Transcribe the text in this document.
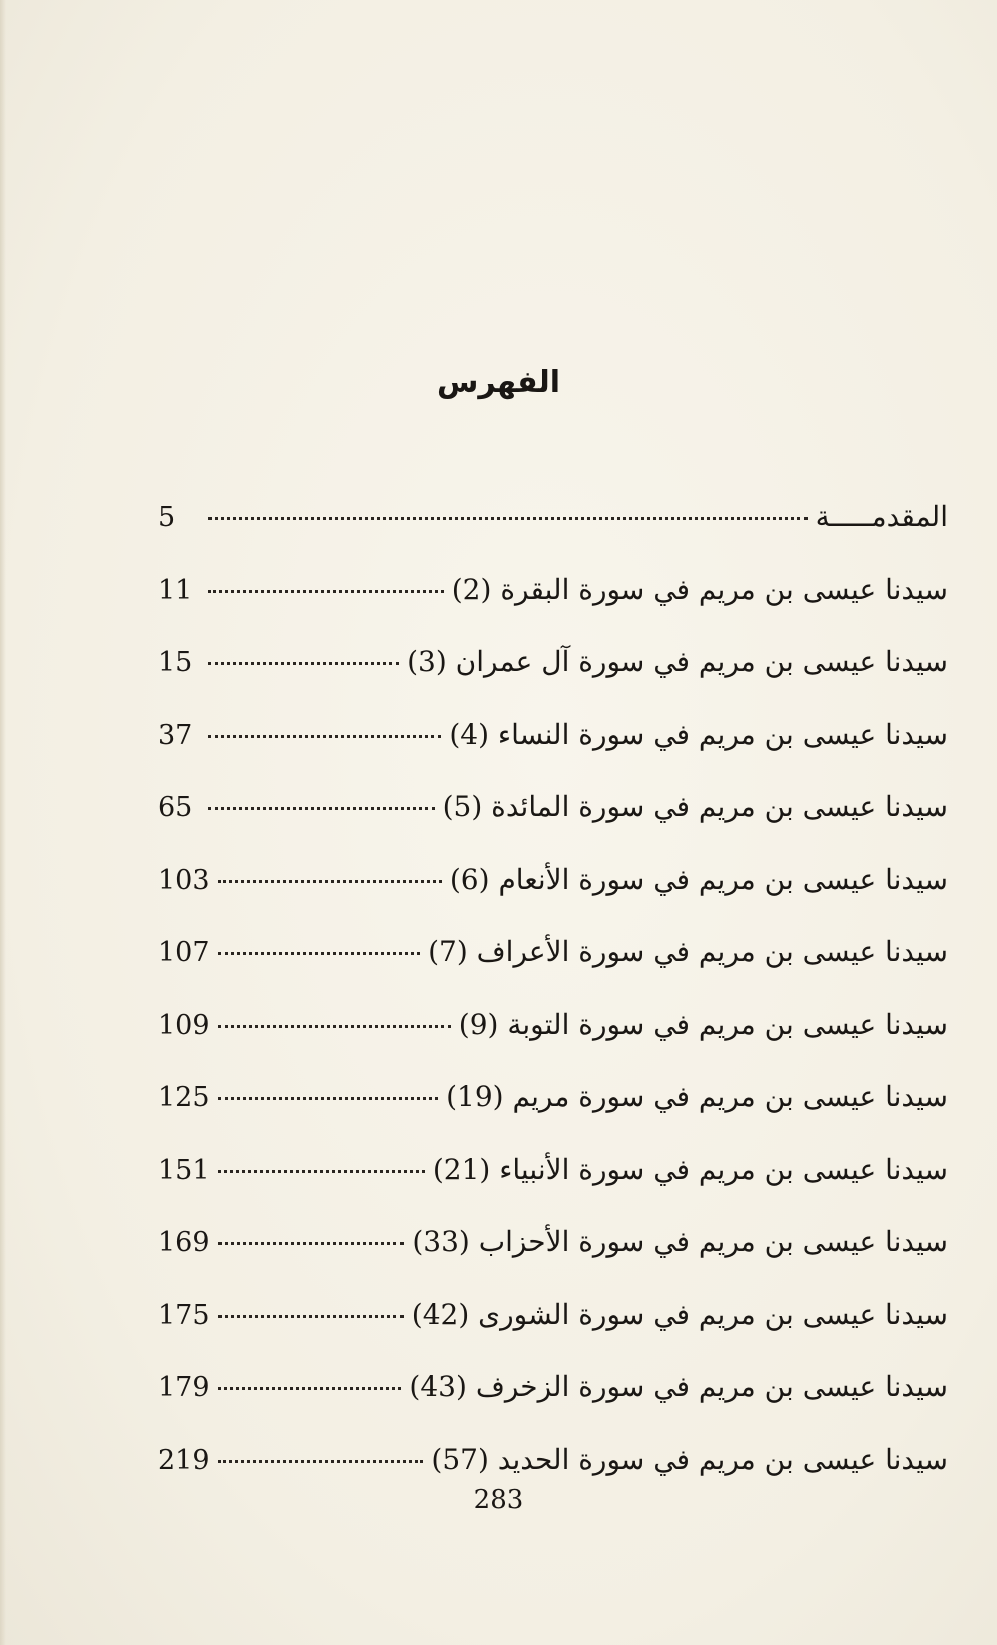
الفهرس
5	المقدمـــــة
11	سيدنا عيسى بن مريم في سورة البقرة (2)
15	سيدنا عيسى بن مريم في سورة آل عمران (3)
37	سيدنا عيسى بن مريم في سورة النساء (4)
65	سيدنا عيسى بن مريم في سورة المائدة (5)
103	سيدنا عيسى بن مريم في سورة الأنعام (6)
107	سيدنا عيسى بن مريم في سورة الأعراف (7)
109	سيدنا عيسى بن مريم في سورة التوبة (9)
125	سيدنا عيسى بن مريم في سورة مريم (19)
151	سيدنا عيسى بن مريم في سورة الأنبياء (21)
169	سيدنا عيسى بن مريم في سورة الأحزاب (33)
175	سيدنا عيسى بن مريم في سورة الشورى (42)
179	سيدنا عيسى بن مريم في سورة الزخرف (43)
219	سيدنا عيسى بن مريم في سورة الحديد (57)
283
